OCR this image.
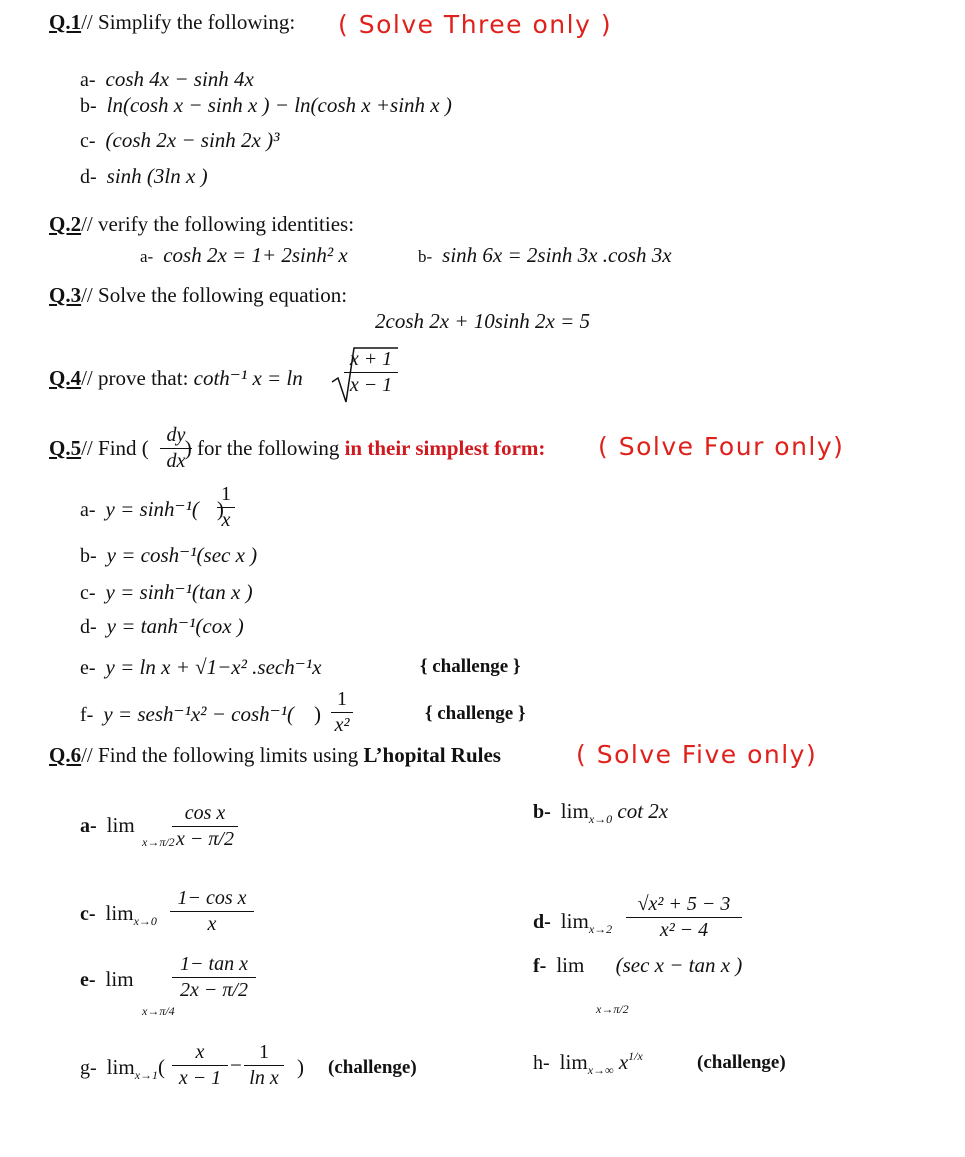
Q.1// Simplify the following: ( Solve Three only )
a- cosh 4x − sinh 4x
b- ln(cosh x − sinh x ) − ln(cosh x +sinh x )
c- (cosh 2x − sinh 2x )³
d- sinh (3ln x )
Q.2// verify the following identities:
a- cosh 2x = 1+ 2sinh² x	b- sinh 6x = 2sinh 3x .cosh 3x
Q.3// Solve the following equation:
2cosh 2x + 10sinh 2x = 5
Q.4// prove that: coth⁻¹ x = ln
x + 1
x − 1
Q.5// Find ( ) for the following in their simplest form:
dy
dx	( Solve Four only)
a- y = sinh⁻¹( )
1
x
b- y = cosh⁻¹(sec x )
c- y = sinh⁻¹(tan x )
d- y = tanh⁻¹(cox )
e- y = ln x + √1−x² .sech⁻¹x	{ challenge }
f- y = sesh⁻¹x² − cosh⁻¹( )
1
x²
{ challenge }
Q.6// Find the following limits using L’hopital Rules	( Solve Five only)
a- lim
x→π/2
cos x
x − π/2
b- $\lim_{x\to 0} \cot 2x$
c- $\lim_{x\to 0}$
1− cos x
x	d- $\lim_{x\to 2}$
√x² + 5 − 3
x² − 4
e- lim
x→π/4
1− tan x
2x − π/2
f- lim (sec x − tan x )
x→π/2
g- $\lim_{x\to 1}$(	)
x
x − 1
−
1
ln x	(challenge)	h- $\lim_{x\to\infty} x^{1/x}$	(challenge)
